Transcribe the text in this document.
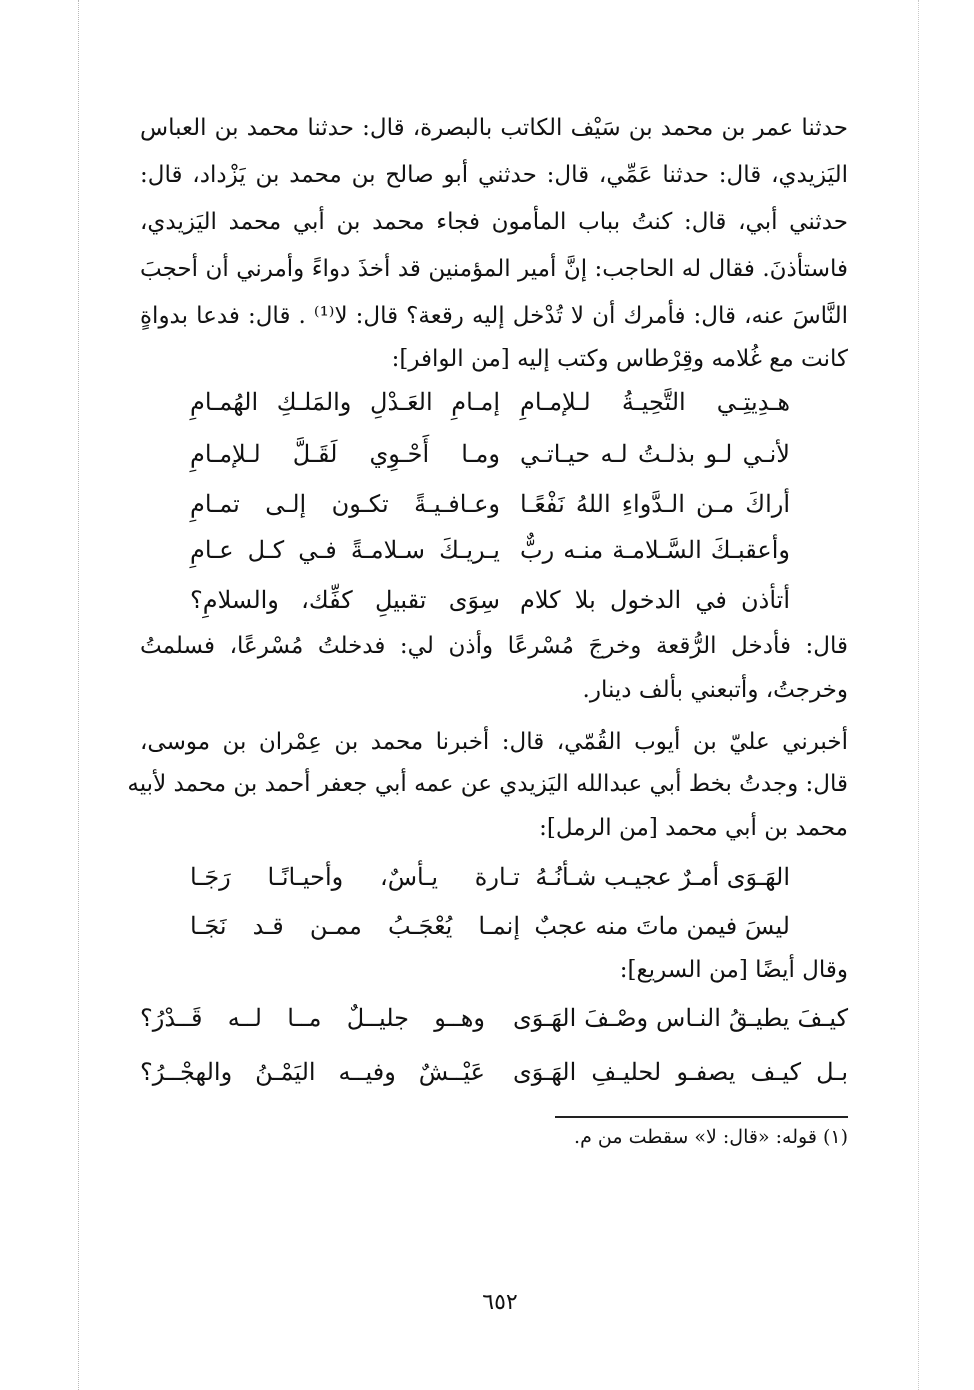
حدثنا عمر بن محمد بن سَيْف الكاتب بالبصرة، قال: حدثنا محمد بن العباس
اليَزيدي، قال: حدثنا عَمِّي، قال: حدثني أبو صالح بن محمد بن يَزْداد، قال:
حدثني أبي، قال: كنتُ بباب المأمون فجاء محمد بن أبي محمد اليَزيدي،
فاستأذنَ. فقال له الحاجب: إنَّ أمير المؤمنين قد أخذَ دواءً وأمرني أن أحجبَ
النَّاسَ عنه، قال: فأمرك أن لا تُدْخل إليه رقعة؟ قال: لا⁽¹⁾ . قال: فدعا بدواةٍ
كانت مع غُلامه وقِرْطاس وكتب إليه [من الوافر]:
هـدِيتِـي التَّحِيـةُ لـلإمـامِ
إمـامِ العَـدْلِ والمَلـكِ الهُمـامِ
لأنـي لـو بذلـتُ لـه حيـاتـي
ومـا أَحْـوِي لَقَـلَّ لـلإمـامِ
أراكَ مـن الـدَّواءِ اللهُ نَفْعًـا
وعـافـيـةً تكـون إلـى تمـامِ
وأعقبـكَ السَّـلامـة منـه ربٌّ
يـريـكَ سـلامـةً فـي كـل عـامِ
أتأذن في الدخول بلا كلام
سِوَى تقبيلِ كفِّك، والسلامِ؟
قال: فأدخل الرُّقعة وخرجَ مُسْرعًا وأذن لي: فدخلتُ مُسْرعًا، فسلمتُ
وخرجتُ، وأتبعني بألف دينار.
أخبرني عليّ بن أيوب القُمّي، قال: أخبرنا محمد بن عِمْران بن موسى،
قال: وجدتُ بخط أبي عبدالله اليَزيدي عن عمه أبي جعفر أحمد بن محمد لأبيه
محمد بن أبي محمد [من الرمل]:
الهَـوَى أمـرٌ عجيـب شـأنُـهُ
تـارة يـأسٌ، وأحيـانًـا رَجَـا
ليسَ فيمن ماتَ منه عجبٌ
إنمـا يُعْجَـبُ ممـن قـد نَجَـا
وقال أيضًا [من السريع]:
كيـفَ يطيـقُ النـاس وصْـفَ الهَـوَى
وهــو جليــلٌ مــا لــه قَــدْرُ؟
بـل كيـف يصفـو لحليـفِ الهَـوَى
عَيْــشٌ وفيــه اليَمْـنُ والهجْــرُ؟
(١) قوله: «قال: لا» سقطت من م.
٦٥٢
